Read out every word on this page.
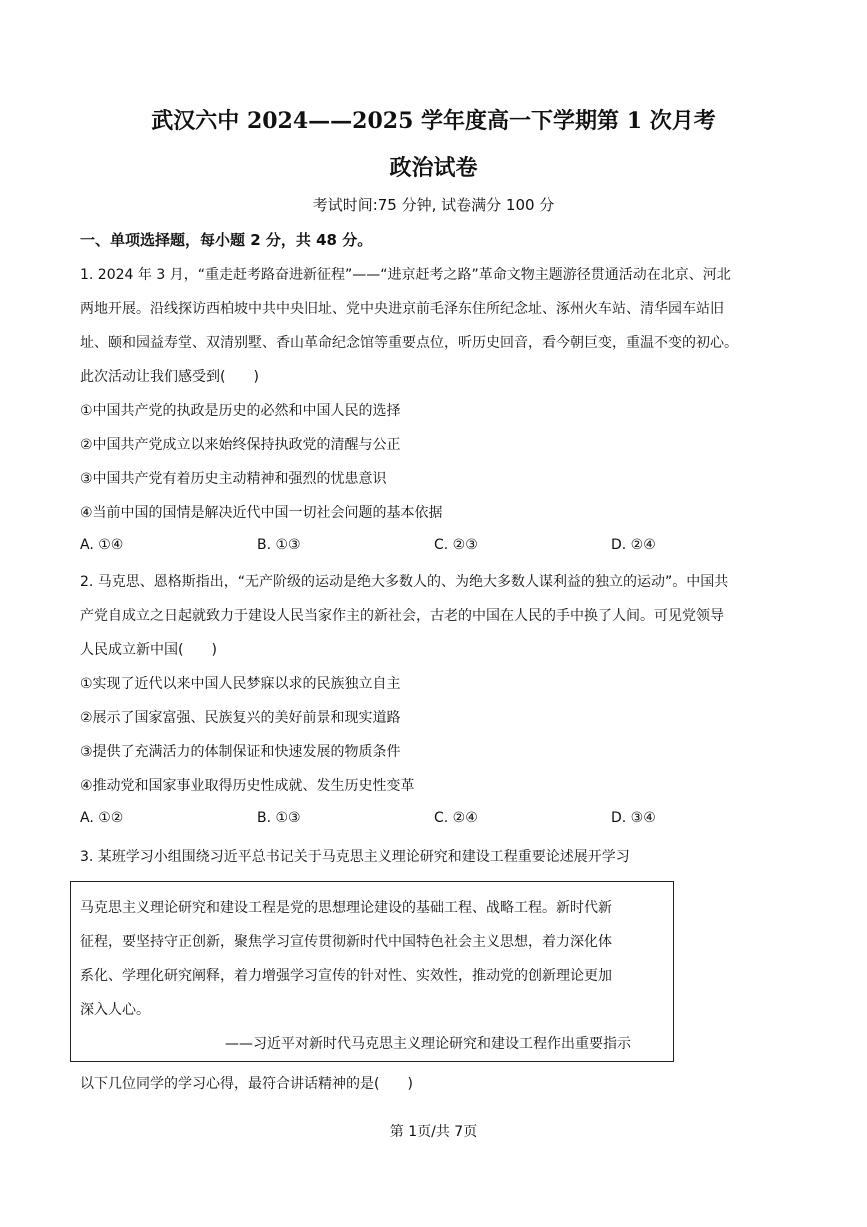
武汉六中 2024——2025 学年度高一下学期第 1 次月考
政治试卷
考试时间:75 分钟, 试卷满分 100 分
一、单项选择题，每小题 2 分，共 48 分。
1. 2024 年 3 月，“重走赶考路奋进新征程”——“进京赶考之路”革命文物主题游径贯通活动在北京、河北
两地开展。沿线探访西柏坡中共中央旧址、党中央进京前毛泽东住所纪念址、涿州火车站、清华园车站旧
址、颐和园益寿堂、双清别墅、香山革命纪念馆等重要点位，听历史回音，看今朝巨变，重温不变的初心。
此次活动让我们感受到(　　)
①中国共产党的执政是历史的必然和中国人民的选择
②中国共产党成立以来始终保持执政党的清醒与公正
③中国共产党有着历史主动精神和强烈的忧患意识
④当前中国的国情是解决近代中国一切社会问题的基本依据
A. ①④	B. ①③	C. ②③	D. ②④
2. 马克思、恩格斯指出，“无产阶级的运动是绝大多数人的、为绝大多数人谋利益的独立的运动”。中国共
产党自成立之日起就致力于建设人民当家作主的新社会，古老的中国在人民的手中换了人间。可见党领导
人民成立新中国(　　)
①实现了近代以来中国人民梦寐以求的民族独立自主
②展示了国家富强、民族复兴的美好前景和现实道路
③提供了充满活力的体制保证和快速发展的物质条件
④推动党和国家事业取得历史性成就、发生历史性变革
A. ①②	B. ①③	C. ②④	D. ③④
3. 某班学习小组围绕习近平总书记关于马克思主义理论研究和建设工程重要论述展开学习
马克思主义理论研究和建设工程是党的思想理论建设的基础工程、战略工程。新时代新
征程，要坚持守正创新，聚焦学习宣传贯彻新时代中国特色社会主义思想，着力深化体
系化、学理化研究阐释，着力增强学习宣传的针对性、实效性，推动党的创新理论更加
深入人心。
——习近平对新时代马克思主义理论研究和建设工程作出重要指示
以下几位同学的学习心得，最符合讲话精神的是(　　)
第 1页/共 7页
